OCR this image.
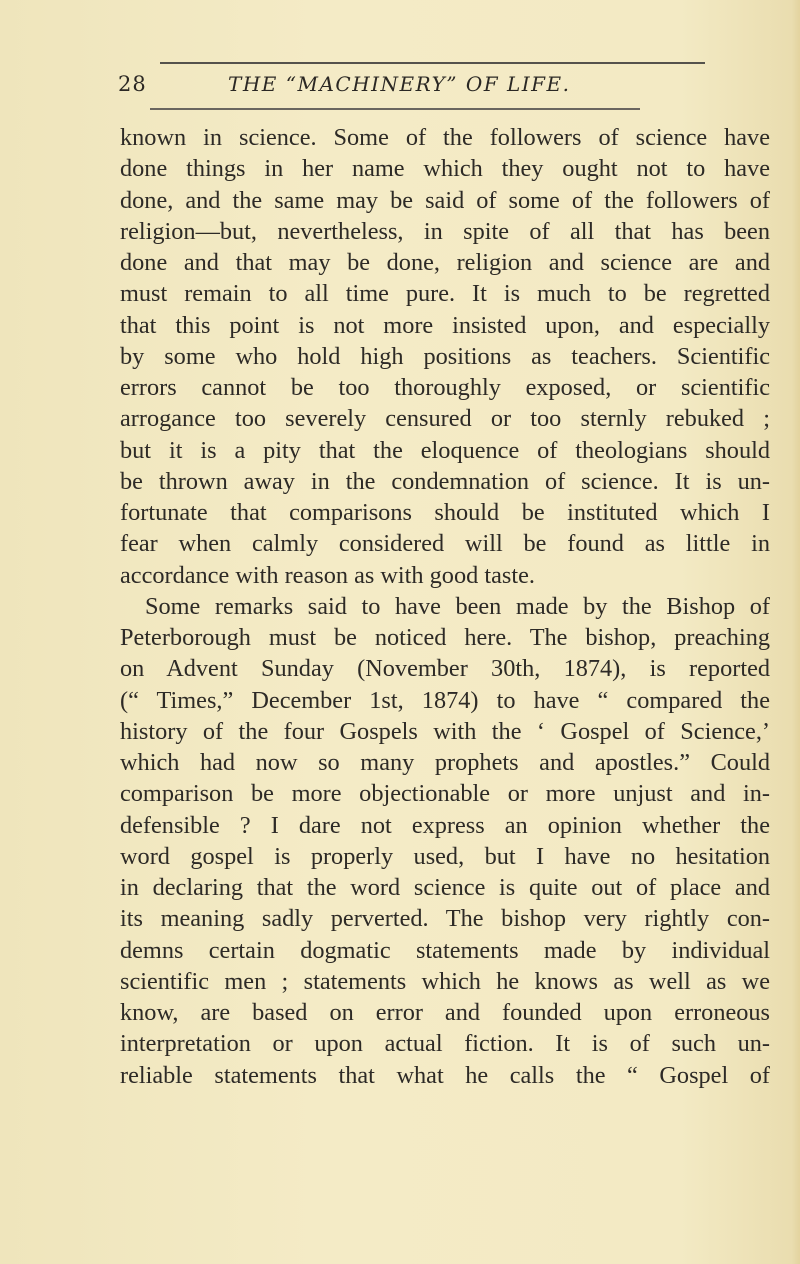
28	THE “MACHINERY” OF LIFE.
known in science. Some of the followers of science have
done things in her name which they ought not to have
done, and the same may be said of some of the followers of
religion—but, nevertheless, in spite of all that has been
done and that may be done, religion and science are and
must remain to all time pure. It is much to be regretted
that this point is not more insisted upon, and especially
by some who hold high positions as teachers. Scientific
errors cannot be too thoroughly exposed, or scientific
arrogance too severely censured or too sternly rebuked ;
but it is a pity that the eloquence of theologians should
be thrown away in the condemnation of science. It is un-
fortunate that comparisons should be instituted which I
fear when calmly considered will be found as little in
accordance with reason as with good taste.
Some remarks said to have been made by the Bishop of
Peterborough must be noticed here. The bishop, preaching
on Advent Sunday (November 30th, 1874), is reported
(“ Times,” December 1st, 1874) to have “ compared the
history of the four Gospels with the ‘ Gospel of Science,’
which had now so many prophets and apostles.” Could
comparison be more objectionable or more unjust and in-
defensible ? I dare not express an opinion whether the
word gospel is properly used, but I have no hesitation
in declaring that the word science is quite out of place and
its meaning sadly perverted. The bishop very rightly con-
demns certain dogmatic statements made by individual
scientific men ; statements which he knows as well as we
know, are based on error and founded upon erroneous
interpretation or upon actual fiction. It is of such un-
reliable statements that what he calls the “ Gospel of
